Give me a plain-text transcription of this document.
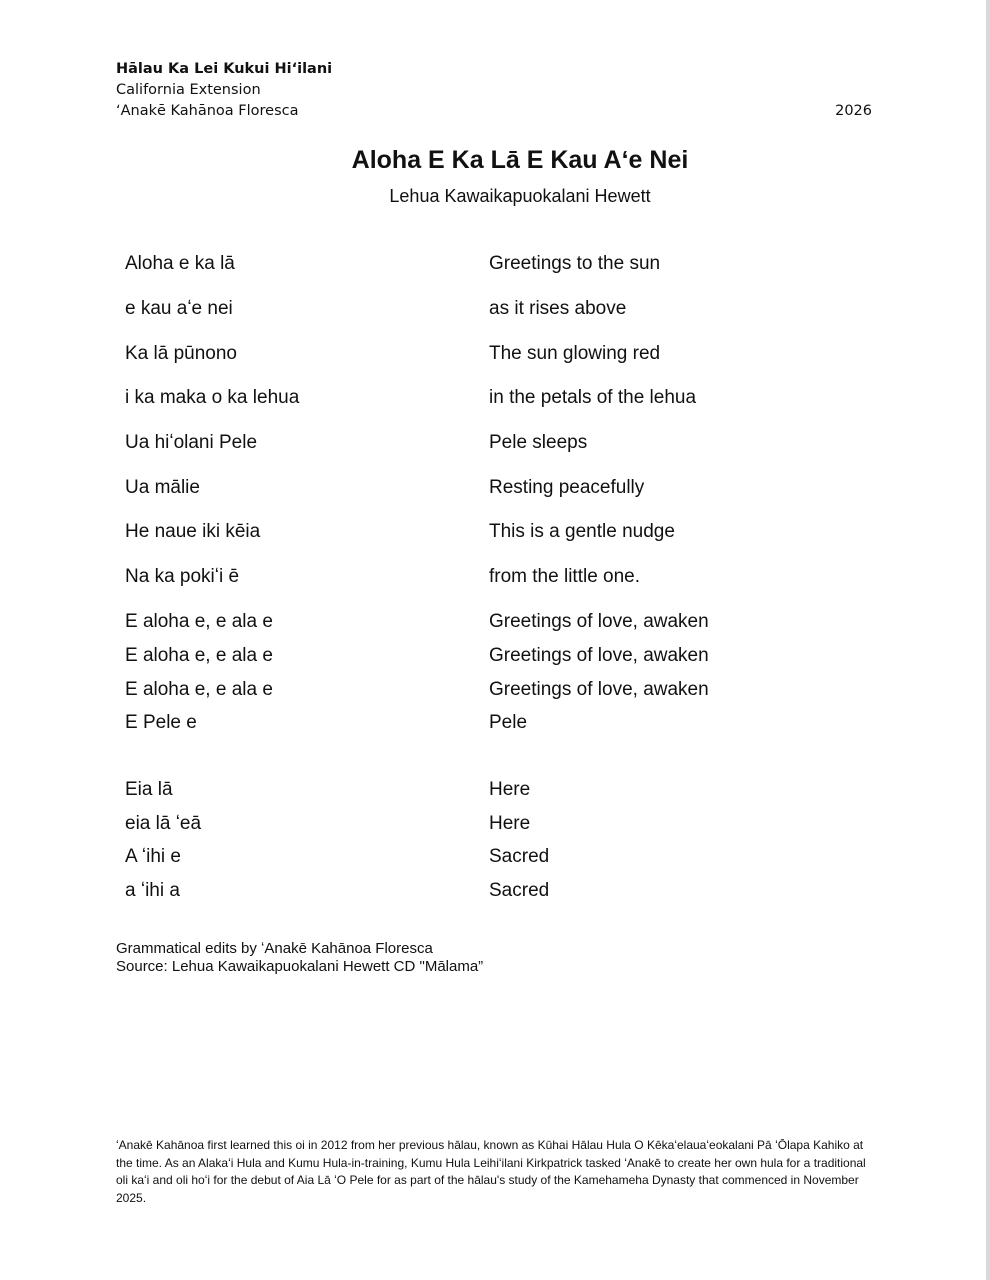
Hālau Ka Lei Kukui Hiʻilani
California Extension
ʻAnakē Kahānoa Floresca	2026
Aloha E Ka Lā E Kau Aʻe Nei
Lehua Kawaikapuokalani Hewett
Aloha e ka lā	Greetings to the sun
e kau aʻe nei	as it rises above
Ka lā pūnono	The sun glowing red
i ka maka o ka lehua	in the petals of the lehua
Ua hiʻolani Pele	Pele sleeps
Ua mālie	Resting peacefully
He naue iki kēia	This is a gentle nudge
Na ka pokiʻi ē	from the little one.
E aloha e, e ala e	Greetings of love, awaken
E aloha e, e ala e	Greetings of love, awaken
E aloha e, e ala e	Greetings of love, awaken
E Pele e	Pele
Eia lā	Here
eia lā ʻeā	Here
A ʻihi e	Sacred
a ʻihi a	Sacred
Grammatical edits by ʻAnakē Kahānoa Floresca
Source: Lehua Kawaikapuokalani Hewett CD "Mālama”
ʻAnakē Kahānoa first learned this oi in 2012 from her previous hālau, known as Kūhai Hālau Hula O Kēkaʻelauaʻeokalani Pā ʻŌlapa Kahiko at the time. As an Alakaʻi Hula and Kumu Hula-in-training, Kumu Hula Leihiʻilani Kirkpatrick tasked ʻAnakē to create her own hula for a traditional oli kaʻi and oli hoʻi for the debut of Aia Lā ʻO Pele for as part of the hālau's study of the Kamehameha Dynasty that commenced in November 2025.
